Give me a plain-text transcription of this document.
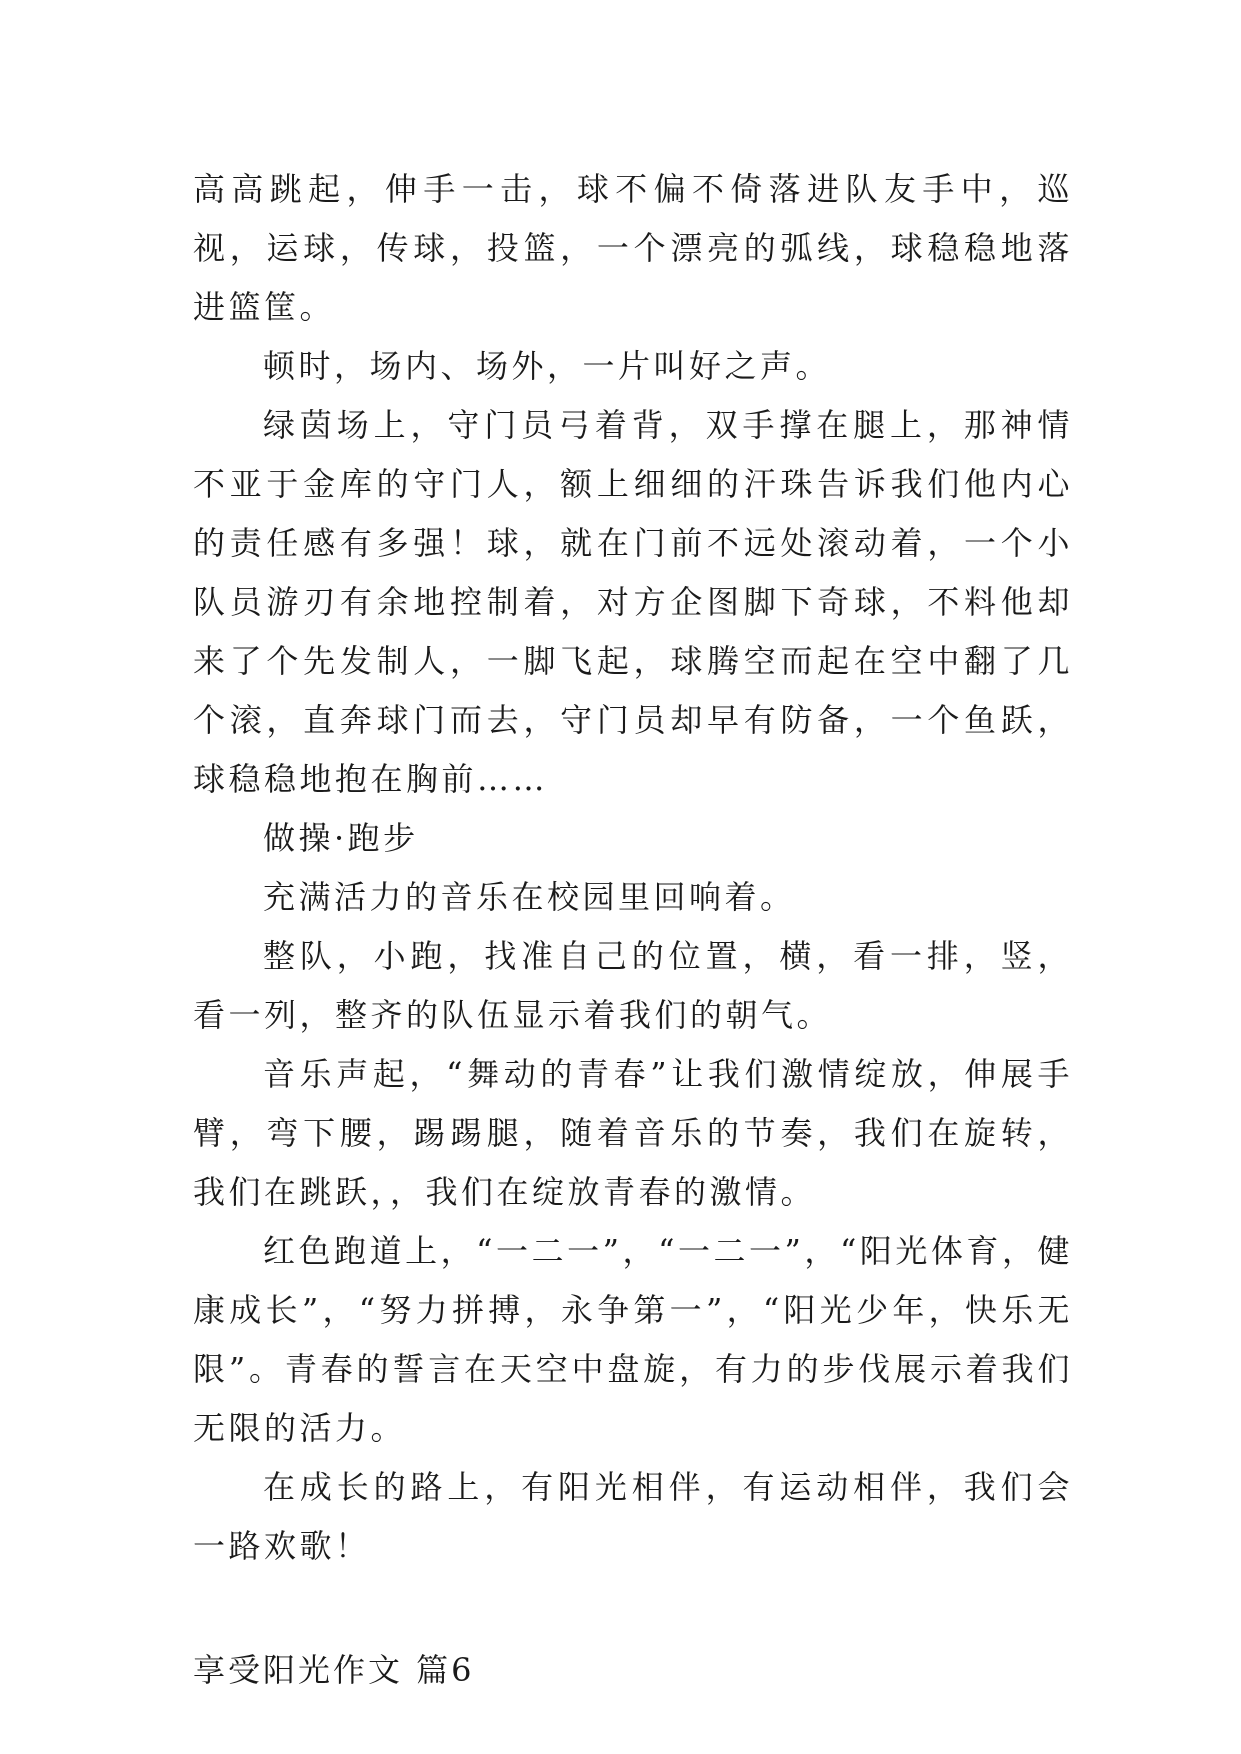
高高跳起，伸手一击，球不偏不倚落进队友手中，巡视，运球，传球，投篮，一个漂亮的弧线，球稳稳地落进篮筐。

顿时，场内、场外，一片叫好之声。

绿茵场上，守门员弓着背，双手撑在腿上，那神情不亚于金库的守门人，额上细细的汗珠告诉我们他内心的责任感有多强！球，就在门前不远处滚动着，一个小队员游刃有余地控制着，对方企图脚下奇球，不料他却来了个先发制人，一脚飞起，球腾空而起在空中翻了几个滚，直奔球门而去，守门员却早有防备，一个鱼跃，球稳稳地抱在胸前……

做操·跑步

充满活力的音乐在校园里回响着。

整队，小跑，找准自己的位置，横，看一排，竖，看一列，整齐的队伍显示着我们的朝气。

音乐声起，“舞动的青春”让我们激情绽放，伸展手臂，弯下腰，踢踢腿，随着音乐的节奏，我们在旋转，我们在跳跃，，我们在绽放青春的激情。

红色跑道上，“一二一”，“一二一”，“阳光体育，健康成长”，“努力拼搏，永争第一”，“阳光少年，快乐无限”。青春的誓言在天空中盘旋，有力的步伐展示着我们无限的活力。

在成长的路上，有阳光相伴，有运动相伴，我们会一路欢歌！

享受阳光作文 篇6
